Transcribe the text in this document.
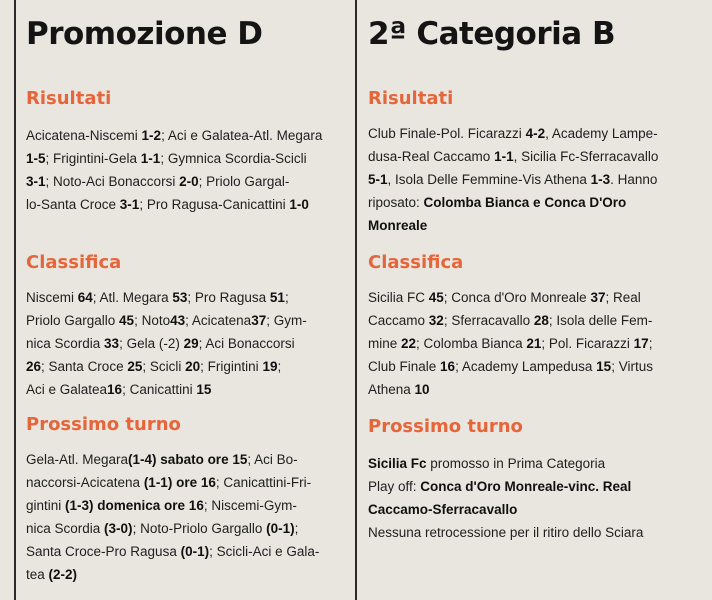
Promozione D
Risultati
Acicatena-Niscemi 1-2; Aci e Galatea-Atl. Megara
1-5; Frigintini-Gela 1-1; Gymnica Scordia-Scicli
3-1; Noto-Aci Bonaccorsi 2-0; Priolo Gargal-
lo-Santa Croce 3-1; Pro Ragusa-Canicattini 1-0
Classifica
Niscemi 64; Atl. Megara 53; Pro Ragusa 51;
Priolo Gargallo 45; Noto43; Acicatena37; Gym-
nica Scordia 33; Gela (-2) 29; Aci Bonaccorsi
26; Santa Croce 25; Scicli 20; Frigintini 19;
Aci e Galatea16; Canicattini 15
Prossimo turno
Gela-Atl. Megara(1-4) sabato ore 15; Aci Bo-
naccorsi-Acicatena (1-1) ore 16; Canicattini-Fri-
gintini (1-3) domenica ore 16; Niscemi-Gym-
nica Scordia (3-0); Noto-Priolo Gargallo (0-1);
Santa Croce-Pro Ragusa (0-1); Scicli-Aci e Gala-
tea (2-2)
2ª Categoria B
Risultati
Club Finale-Pol. Ficarazzi 4-2, Academy Lampe-
dusa-Real Caccamo 1-1, Sicilia Fc-Sferracavallo
5-1, Isola Delle Femmine-Vis Athena 1-3. Hanno
riposato: Colomba Bianca e Conca D'Oro
Monreale
Classifica
Sicilia FC 45; Conca d'Oro Monreale 37; Real
Caccamo 32; Sferracavallo 28; Isola delle Fem-
mine 22; Colomba Bianca 21; Pol. Ficarazzi 17;
Club Finale 16; Academy Lampedusa 15; Virtus
Athena 10
Prossimo turno
Sicilia Fc promosso in Prima Categoria
Play off: Conca d'Oro Monreale-vinc. Real
Caccamo-Sferracavallo
Nessuna retrocessione per il ritiro dello Sciara
